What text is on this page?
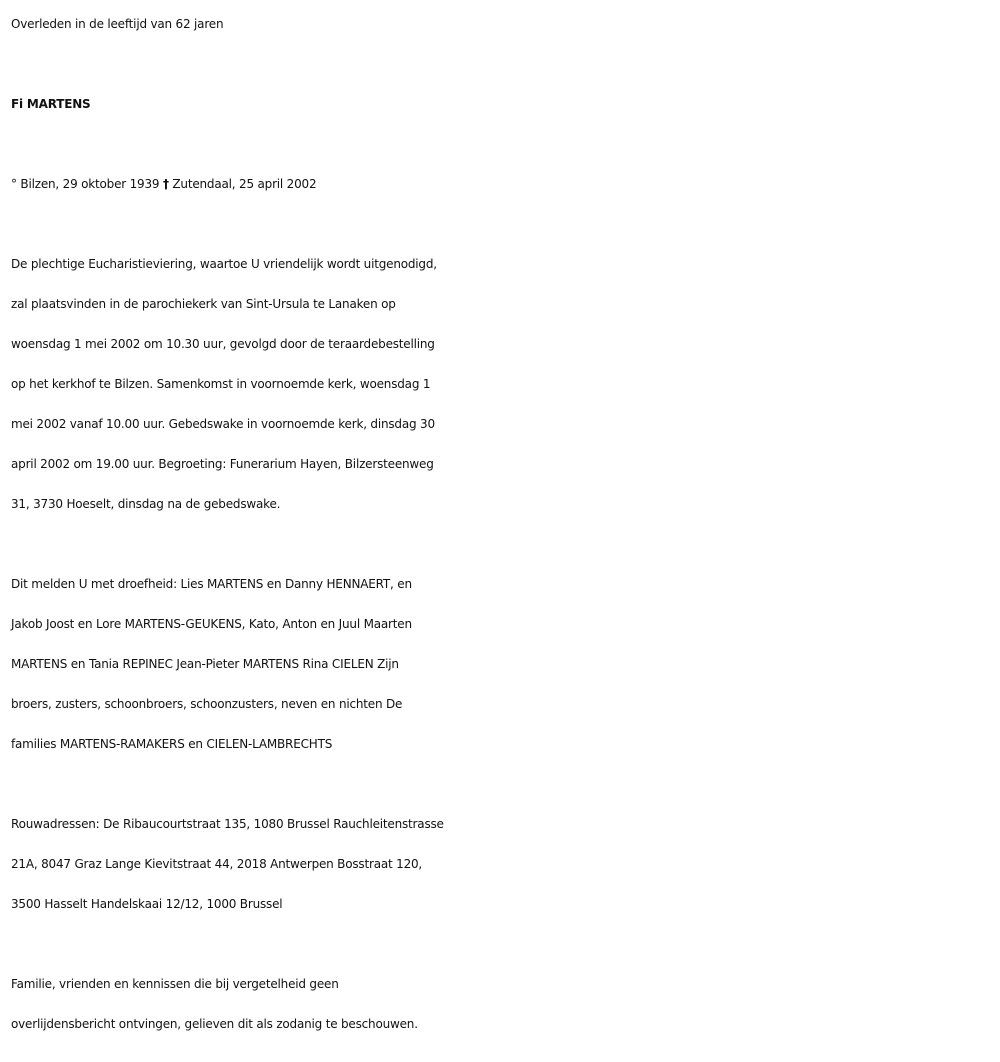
Overleden in de leeftijd van 62 jaren
Fi MARTENS
° Bilzen, 29 oktober 1939 † Zutendaal, 25 april 2002
De plechtige Eucharistieviering, waartoe U vriendelijk wordt uitgenodigd,
zal plaatsvinden in de parochiekerk van Sint-Ursula te Lanaken op
woensdag 1 mei 2002 om 10.30 uur, gevolgd door de teraardebestelling
op het kerkhof te Bilzen. Samenkomst in voornoemde kerk, woensdag 1
mei 2002 vanaf 10.00 uur. Gebedswake in voornoemde kerk, dinsdag 30
april 2002 om 19.00 uur. Begroeting: Funerarium Hayen, Bilzersteenweg
31, 3730 Hoeselt, dinsdag na de gebedswake.
Dit melden U met droefheid: Lies MARTENS en Danny HENNAERT, en
Jakob Joost en Lore MARTENS-GEUKENS, Kato, Anton en Juul Maarten
MARTENS en Tania REPINEC Jean-Pieter MARTENS Rina CIELEN Zijn
broers, zusters, schoonbroers, schoonzusters, neven en nichten De
families MARTENS-RAMAKERS en CIELEN-LAMBRECHTS
Rouwadressen: De Ribaucourtstraat 135, 1080 Brussel Rauchleitenstrasse
21A, 8047 Graz Lange Kievitstraat 44, 2018 Antwerpen Bosstraat 120,
3500 Hasselt Handelskaai 12/12, 1000 Brussel
Familie, vrienden en kennissen die bij vergetelheid geen
overlijdensbericht ontvingen, gelieven dit als zodanig te beschouwen.
